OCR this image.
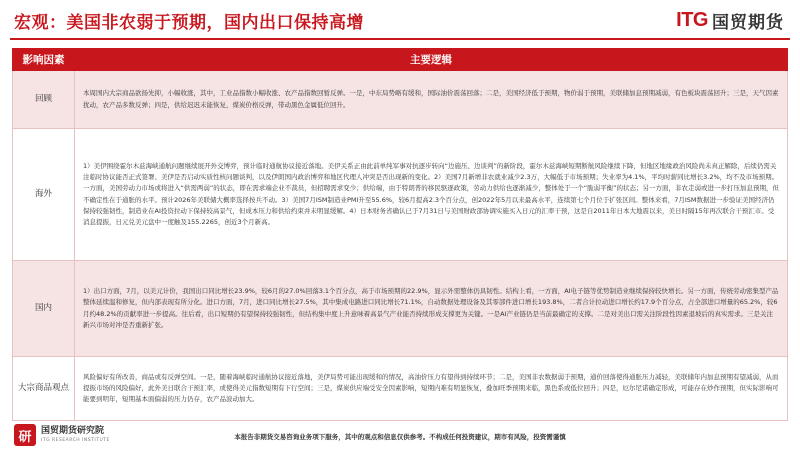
宏观：美国非农弱于预期，国内出口保持高增	ITG 国贸期货
影响因素	主要逻辑
回顾	本周国内大宗商品欲扬先抑，小幅收涨，其中，工业品指数小幅收涨、农产品指数回暂反弹。一是，中东局势略有缓和，国际油价震荡回落；二是，美国经济低于预期，物价弱于预期，美联储加息预期减弱，有色板块震荡回升；三是，天气因素扰动，农产品多数反弹；四是，供给迟迟未能恢复，煤炭价格反弹，带动黑色金属低位回升。
海外	1）美伊围绕霍尔木兹海峡通航问题继续展开外交博弈，预计临时通航协议接近落地。美伊关系正由此前单纯军事对抗逐步转向“边施压、边谈判”的新阶段，霍尔木兹海峡短期断航风险继续下降，但地区地缘政治风险尚未真正解除，后续仍需关注临时协议能否正式签署、美伊是否启动实质性核问题谈判，以及伊朗国内政治博弈和地区代理人冲突是否出现新的变化。2）美国7月新增非农就业减少2.3万，大幅低于市场预期；失业率为4.1%，平均时薪同比增长3.2%，均不及市场预期。一方面，美国劳动力市场或将进入“供需两弱”的状态，即在需求端企业不裁员，但招聘需求变少；供给端，由于特朗普的移民驱逐政策，劳动力供给也逐渐减少，整体处于一个“脆弱平衡”的状态；另一方面，非农走弱或进一步打压加息预期，但不确定性在于通胀的水平。预计2026年美联储大概率选择按兵不动。3）美国7月ISM制造业PMI升至55.6%，较6月提高2.3个百分点，创2022年5月以来最高水平，连续第七个月位于扩张区间。整体来看，7月ISM数据进一步验证美国经济仍保持较强韧性，制造业在AI投资拉动下保持较高景气，但成本压力和供给约束并未明显缓解。4）日本财务省确认已于7月31日与美国财政部协调实施买入日元的汇率干预，这是自2011年日本大地震以来，美日时隔15年再次联合干预汇市。受消息提振，日元兑美元盘中一度触及155.2265，创近3个月新高。
国内	1）出口方面，7月，以美元计价，我国出口同比增长23.9%，较6月的27.0%回落3.1个百分点，高于市场预期的22.9%，显示外需整体仍具韧性。结构上看，一方面，AI电子链等优势制造业继续保持较快增长。另一方面，传统劳动密集型产品整体延续温和修复，但内部表现有所分化。进口方面，7月，进口同比增长27.5%，其中集成电路进口同比增长71.1%，自动数据处理设备及其零部件进口增长193.8%，二者合计拉动进口增长约17.9个百分点，占全部进口增量的65.2%，较6月约48.2%的贡献率进一步提高。往后看，出口短期仍有望保持较强韧性，但结构集中度上升意味着高景气产业能否持续形成支撑更为关键。一是AI产业链仍是当前最确定的支撑。二是对美出口需关注阶段性因素退坡后的真实需求。三是关注新兴市场对冲是否重新扩张。
大宗商品观点	风险偏好有所改善，商品或有反弹空间。一是，随着海峡临时通航协议接近落地，美伊局势可能出现缓和的情况，高油价压力有望得到持续环节；二是，美国非农数据弱于预期，通价回落使得通胀压力减轻，美联储年内加息预期有望减弱，从而提振市场的风险偏好，此外美日联合干预汇率，或使得美元指数短期有下行空间；三是，煤炭供应端受安全因素影响，短期内难有明显恢复，叠加旺季预期来临，黑色系或低位回升；四是，厄尔尼诺确定形成，可能存在炒作预期，但实际影响可能要到明年，短期基本面偏弱的压力仍存，农产品波动加大。
研	国贸期货研究院
ITG RESEARCH INSTITUTE	本报告非期货交易咨询业务项下服务，其中的观点和信息仅供参考。不构成任何投资建议，期市有风险，投资需谨慎
